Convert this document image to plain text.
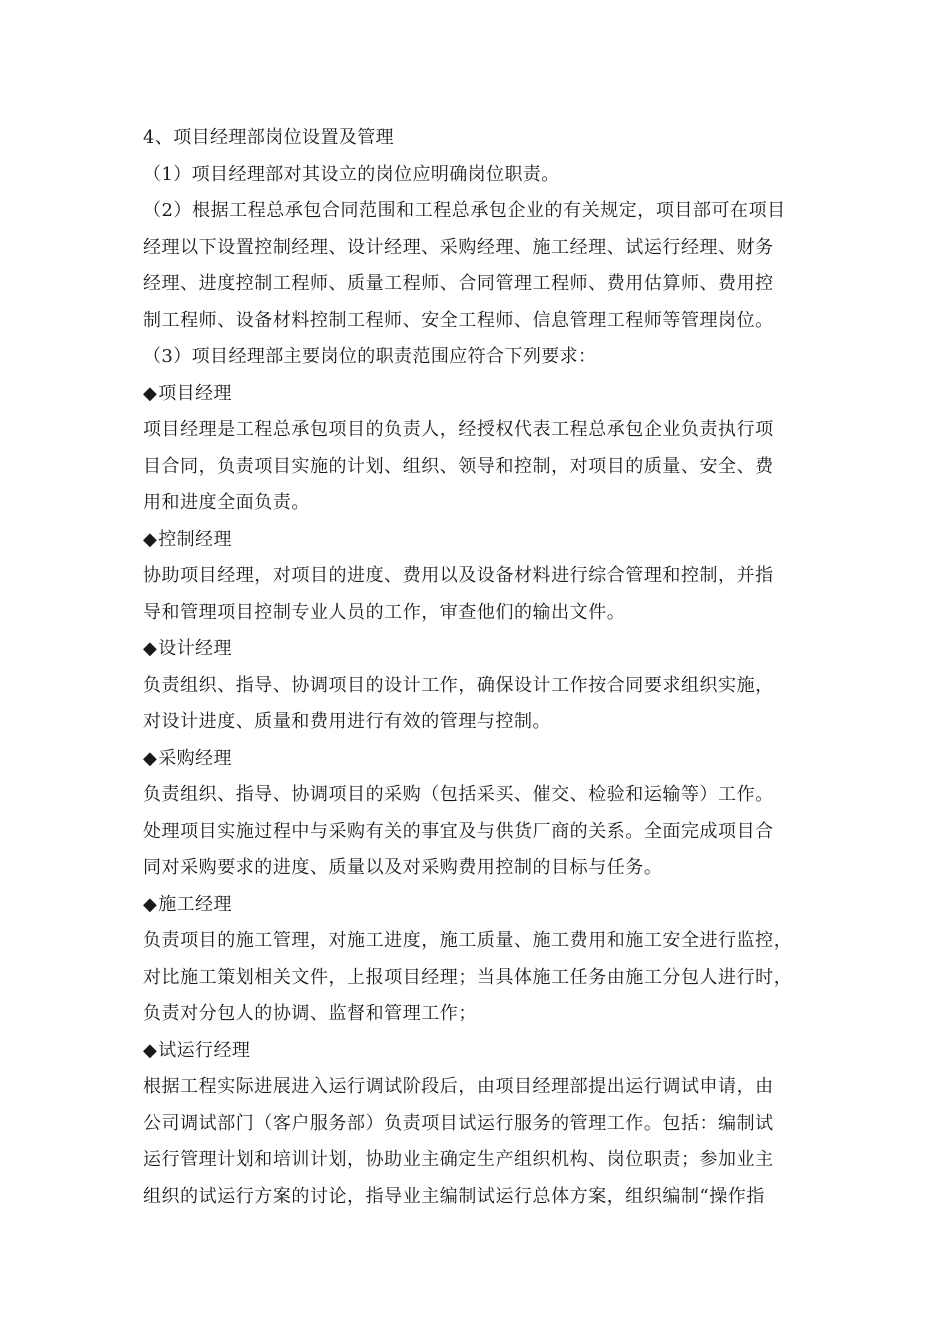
4、项目经理部岗位设置及管理
（1）项目经理部对其设立的岗位应明确岗位职责。
（2）根据工程总承包合同范围和工程总承包企业的有关规定，项目部可在项目
经理以下设置控制经理、设计经理、采购经理、施工经理、试运行经理、财务
经理、进度控制工程师、质量工程师、合同管理工程师、费用估算师、费用控
制工程师、设备材料控制工程师、安全工程师、信息管理工程师等管理岗位。
（3）项目经理部主要岗位的职责范围应符合下列要求：
◆项目经理
项目经理是工程总承包项目的负责人，经授权代表工程总承包企业负责执行项
目合同，负责项目实施的计划、组织、领导和控制，对项目的质量、安全、费
用和进度全面负责。
◆控制经理
协助项目经理，对项目的进度、费用以及设备材料进行综合管理和控制，并指
导和管理项目控制专业人员的工作，审查他们的输出文件。
◆设计经理
负责组织、指导、协调项目的设计工作，确保设计工作按合同要求组织实施，
对设计进度、质量和费用进行有效的管理与控制。
◆采购经理
负责组织、指导、协调项目的采购（包括采买、催交、检验和运输等）工作。
处理项目实施过程中与采购有关的事宜及与供货厂商的关系。全面完成项目合
同对采购要求的进度、质量以及对采购费用控制的目标与任务。
◆施工经理
负责项目的施工管理，对施工进度，施工质量、施工费用和施工安全进行监控，
对比施工策划相关文件，上报项目经理；当具体施工任务由施工分包人进行时，
负责对分包人的协调、监督和管理工作；
◆试运行经理
根据工程实际进展进入运行调试阶段后，由项目经理部提出运行调试申请，由
公司调试部门（客户服务部）负责项目试运行服务的管理工作。包括：编制试
运行管理计划和培训计划，协助业主确定生产组织机构、岗位职责；参加业主
组织的试运行方案的讨论，指导业主编制试运行总体方案，组织编制“操作指
